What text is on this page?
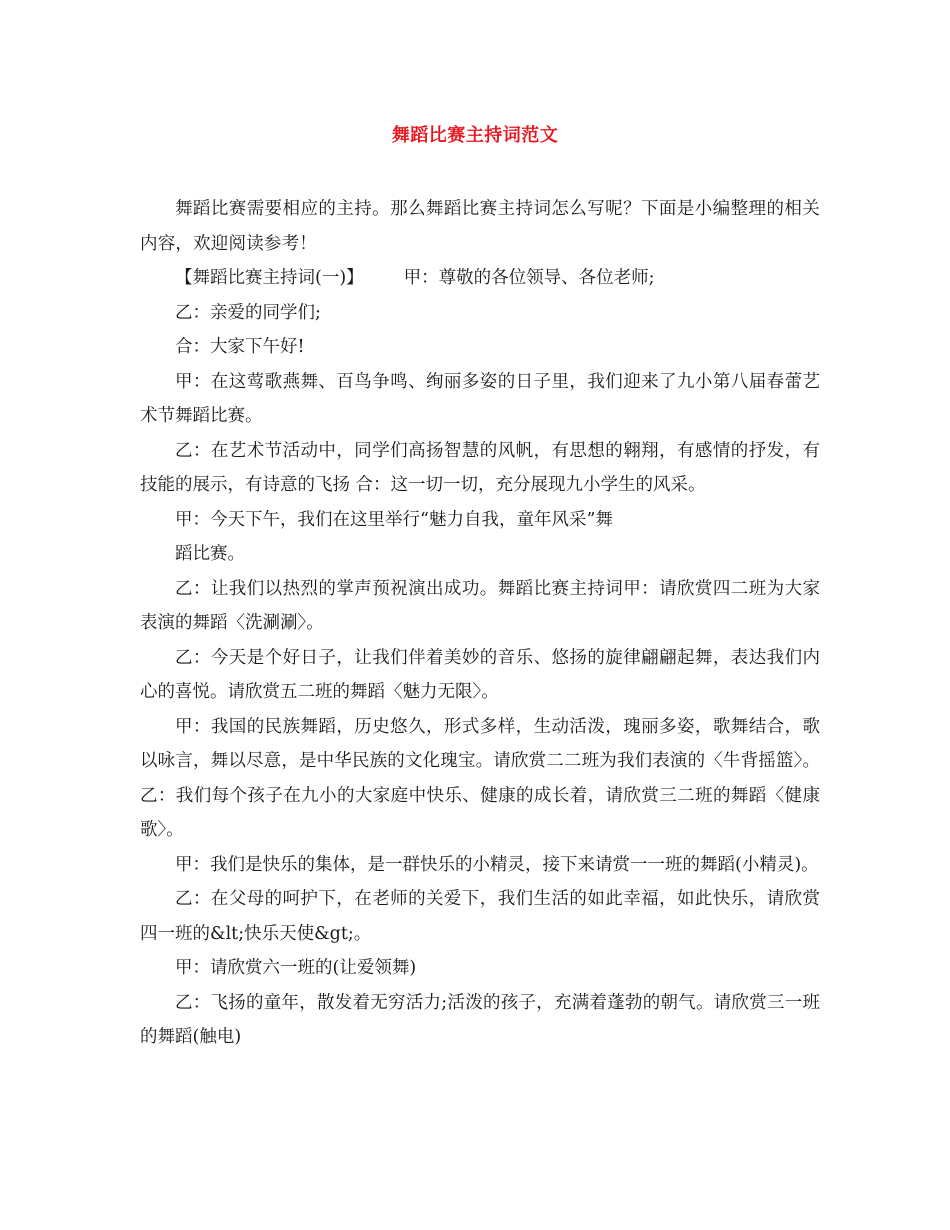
舞蹈比赛主持词范文

舞蹈比赛需要相应的主持。那么舞蹈比赛主持词怎么写呢？下面是小编整理的相关内容，欢迎阅读参考！

【舞蹈比赛主持词(一)】 甲：尊敬的各位领导、各位老师;

乙：亲爱的同学们;

合：大家下午好!

甲：在这莺歌燕舞、百鸟争鸣、绚丽多姿的日子里，我们迎来了九小第八届春蕾艺术节舞蹈比赛。

乙：在艺术节活动中，同学们高扬智慧的风帆，有思想的翱翔，有感情的抒发，有技能的展示，有诗意的飞扬 合：这一切一切，充分展现九小学生的风采。

甲：今天下午，我们在这里举行“魅力自我，童年风采”舞

蹈比赛。

乙：让我们以热烈的掌声预祝演出成功。舞蹈比赛主持词甲：请欣赏四二班为大家表演的舞蹈〈洗涮涮〉。

乙：今天是个好日子，让我们伴着美妙的音乐、悠扬的旋律翩翩起舞，表达我们内心的喜悦。请欣赏五二班的舞蹈〈魅力无限〉。

甲：我国的民族舞蹈，历史悠久，形式多样，生动活泼，瑰丽多姿，歌舞结合，歌以咏言，舞以尽意，是中华民族的文化瑰宝。请欣赏二二班为我们表演的〈牛背摇篮〉。 乙：我们每个孩子在九小的大家庭中快乐、健康的成长着，请欣赏三二班的舞蹈〈健康歌〉。

甲：我们是快乐的集体，是一群快乐的小精灵，接下来请赏一一班的舞蹈(小精灵)。

乙：在父母的呵护下，在老师的关爱下，我们生活的如此幸福，如此快乐，请欣赏四一班的&lt;快乐天使&gt;。

甲：请欣赏六一班的(让爱领舞)

乙：飞扬的童年，散发着无穷活力;活泼的孩子，充满着蓬勃的朝气。请欣赏三一班的舞蹈(触电)
